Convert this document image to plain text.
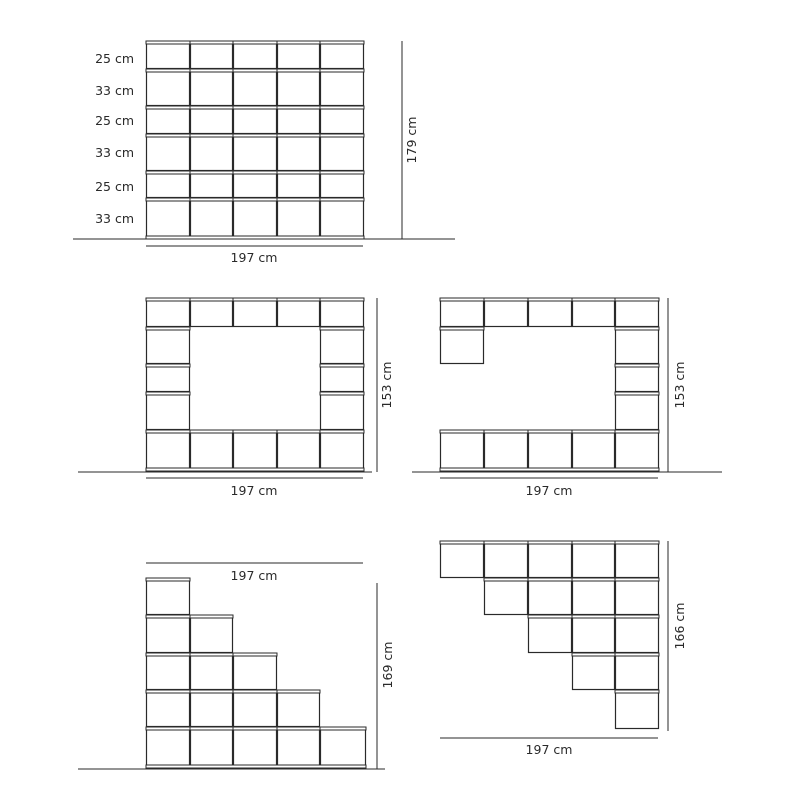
25 cm
33 cm
25 cm
33 cm
25 cm
33 cm
179 cm
197 cm
153 cm
197 cm
153 cm
197 cm
197 cm
169 cm
166 cm
197 cm
